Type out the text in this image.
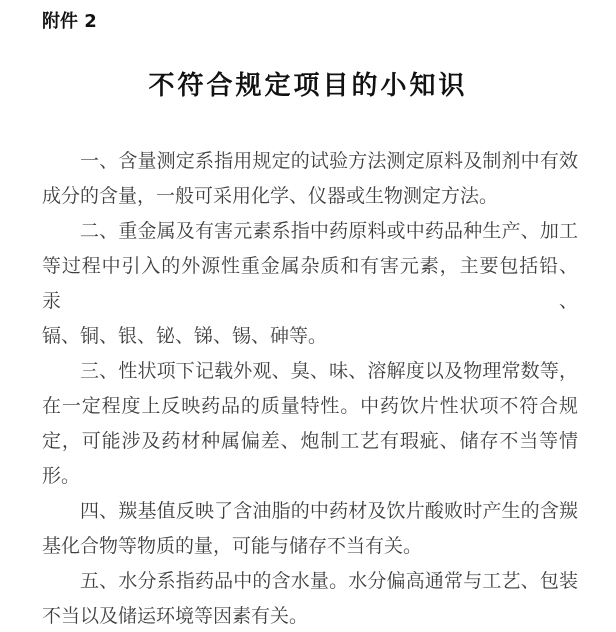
附件 2
不符合规定项目的小知识
一、含量测定系指用规定的试验方法测定原料及制剂中有效
成分的含量，一般可采用化学、仪器或生物测定方法。
二、重金属及有害元素系指中药原料或中药品种生产、加工
等过程中引入的外源性重金属杂质和有害元素，主要包括铅、汞、
镉、铜、银、铋、锑、锡、砷等。
三、性状项下记载外观、臭、味、溶解度以及物理常数等，
在一定程度上反映药品的质量特性。中药饮片性状项不符合规
定，可能涉及药材种属偏差、炮制工艺有瑕疵、储存不当等情形。
四、羰基值反映了含油脂的中药材及饮片酸败时产生的含羰
基化合物等物质的量，可能与储存不当有关。
五、水分系指药品中的含水量。水分偏高通常与工艺、包装
不当以及储运环境等因素有关。
